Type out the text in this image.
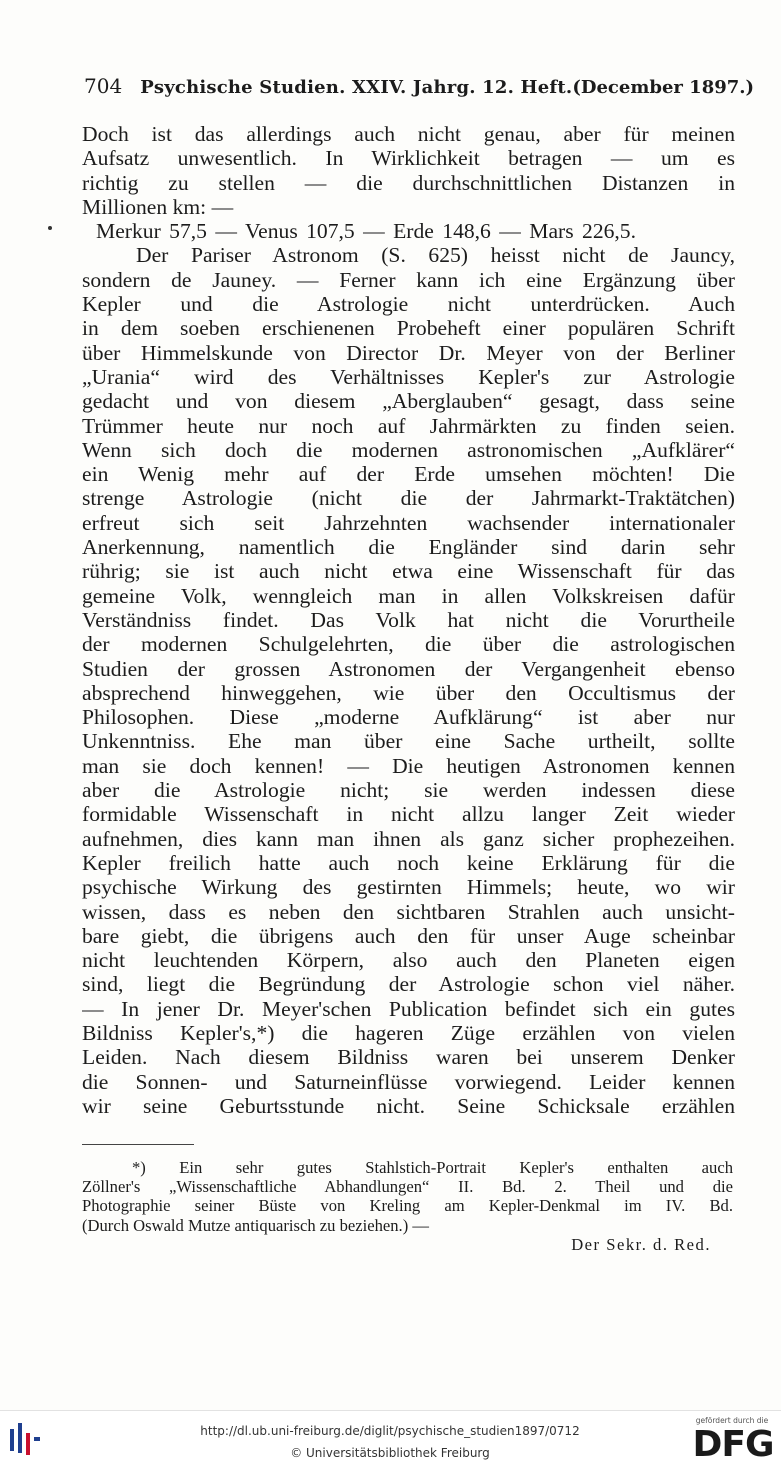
704 Psychische Studien. XXIV. Jahrg. 12. Heft. (December 1897.)
Doch ist das allerdings auch nicht genau, aber für meinen
Aufsatz unwesentlich. In Wirklichkeit betragen — um es
richtig zu stellen — die durchschnittlichen Distanzen in
Millionen km: —
Merkur 57,5 — Venus 107,5 — Erde 148,6 — Mars 226,5.
Der Pariser Astronom (S. 625) heisst nicht de Jauncy,
sondern de Jauney. — Ferner kann ich eine Ergänzung über
Kepler und die Astrologie nicht unterdrücken. Auch
in dem soeben erschienenen Probeheft einer populären Schrift
über Himmelskunde von Director Dr. Meyer von der Berliner
„Urania“ wird des Verhältnisses Kepler's zur Astrologie
gedacht und von diesem „Aberglauben“ gesagt, dass seine
Trümmer heute nur noch auf Jahrmärkten zu finden seien.
Wenn sich doch die modernen astronomischen „Aufklärer“
ein Wenig mehr auf der Erde umsehen möchten! Die
strenge Astrologie (nicht die der Jahrmarkt-Traktätchen)
erfreut sich seit Jahrzehnten wachsender internationaler
Anerkennung, namentlich die Engländer sind darin sehr
rührig; sie ist auch nicht etwa eine Wissenschaft für das
gemeine Volk, wenngleich man in allen Volkskreisen dafür
Verständniss findet. Das Volk hat nicht die Vorurtheile
der modernen Schulgelehrten, die über die astrologischen
Studien der grossen Astronomen der Vergangenheit ebenso
absprechend hinweggehen, wie über den Occultismus der
Philosophen. Diese „moderne Aufklärung“ ist aber nur
Unkenntniss. Ehe man über eine Sache urtheilt, sollte
man sie doch kennen! — Die heutigen Astronomen kennen
aber die Astrologie nicht; sie werden indessen diese
formidable Wissenschaft in nicht allzu langer Zeit wieder
aufnehmen, dies kann man ihnen als ganz sicher prophezeihen.
Kepler freilich hatte auch noch keine Erklärung für die
psychische Wirkung des gestirnten Himmels; heute, wo wir
wissen, dass es neben den sichtbaren Strahlen auch unsicht-
bare giebt, die übrigens auch den für unser Auge scheinbar
nicht leuchtenden Körpern, also auch den Planeten eigen
sind, liegt die Begründung der Astrologie schon viel näher.
— In jener Dr. Meyer'schen Publication befindet sich ein gutes
Bildniss Kepler's,*) die hageren Züge erzählen von vielen
Leiden. Nach diesem Bildniss waren bei unserem Denker
die Sonnen- und Saturneinflüsse vorwiegend. Leider kennen
wir seine Geburtsstunde nicht. Seine Schicksale erzählen
*) Ein sehr gutes Stahlstich-Portrait Kepler's enthalten auch
Zöllner's „Wissenschaftliche Abhandlungen“ II. Bd. 2. Theil und die
Photographie seiner Büste von Kreling am Kepler-Denkmal im IV. Bd.
(Durch Oswald Mutze antiquarisch zu beziehen.) —
Der Sekr. d. Red.
http://dl.ub.uni-freiburg.de/diglit/psychische_studien1897/0712
© Universitätsbibliothek Freiburg
gefördert durch die
DFG
